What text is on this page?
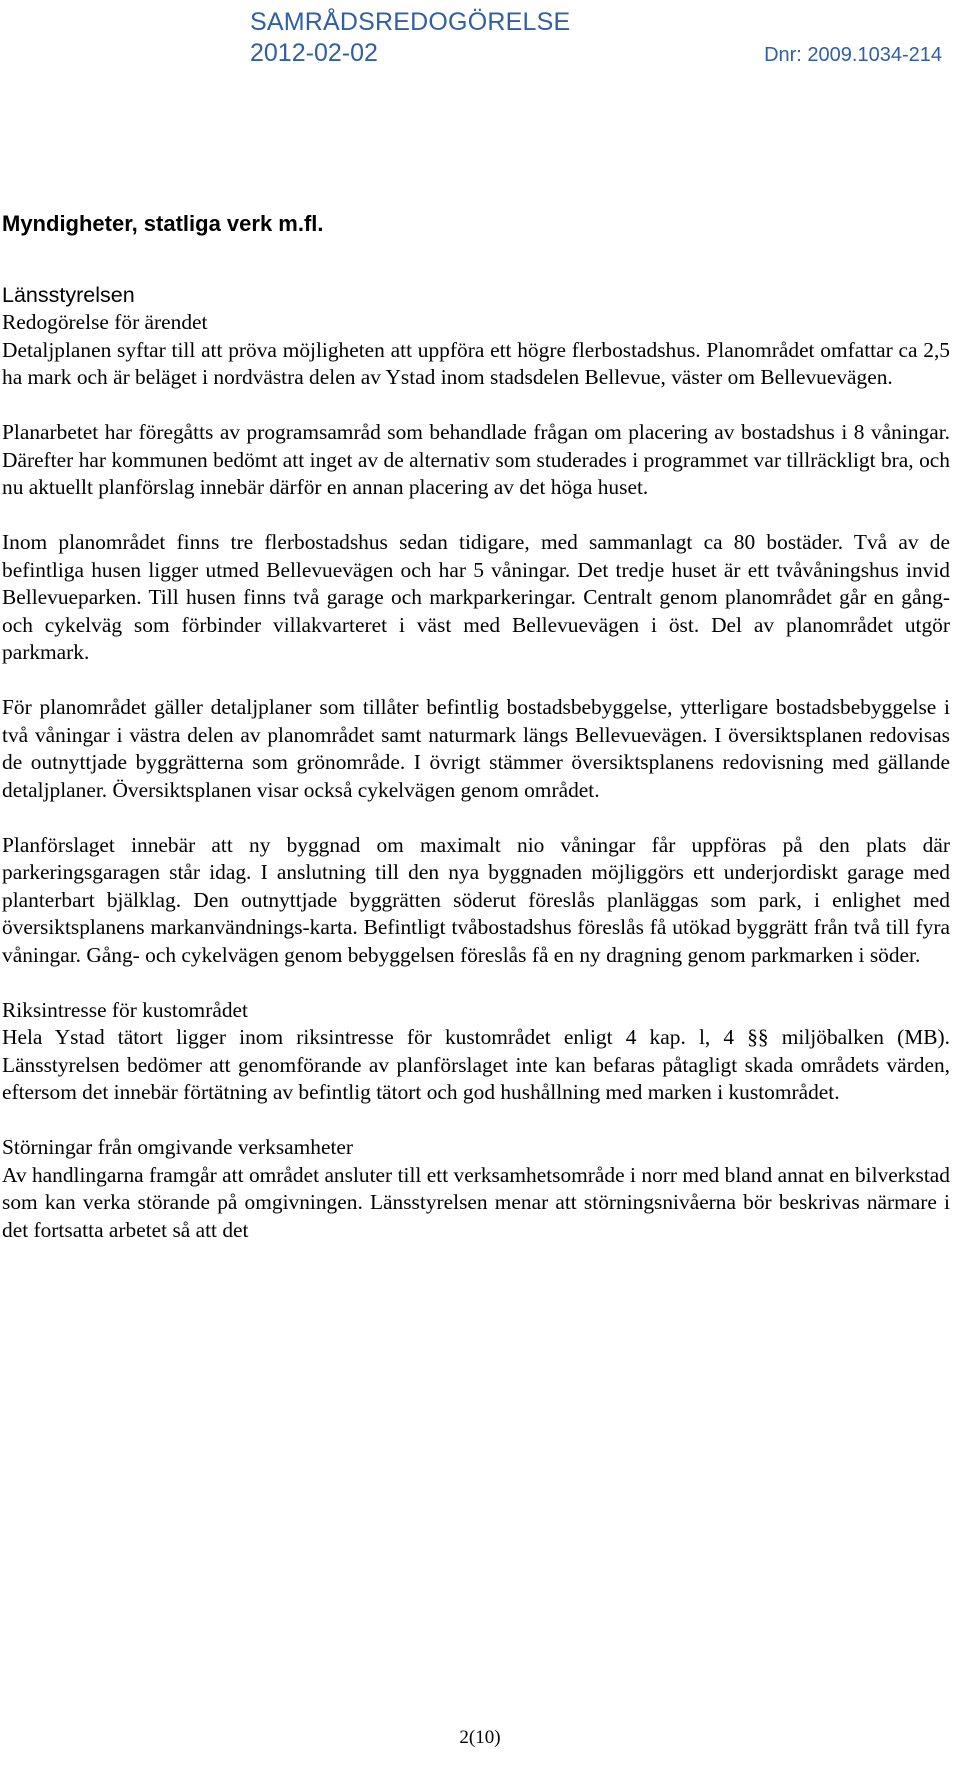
SAMRÅDSREDOGÖRELSE
2012-02-02	Dnr: 2009.1034-214
Myndigheter, statliga verk m.fl.
Länsstyrelsen
Redogörelse för ärendet

Detaljplanen syftar till att pröva möjligheten att uppföra ett högre flerbostadshus. Planområdet omfattar ca 2,5 ha mark och är beläget i nordvästra delen av Ystad inom stadsdelen Bellevue, väster om Bellevuevägen.

Planarbetet har föregåtts av programsamråd som behandlade frågan om placering av bostadshus i 8 våningar. Därefter har kommunen bedömt att inget av de alternativ som studerades i programmet var tillräckligt bra, och nu aktuellt planförslag innebär därför en annan placering av det höga huset.

Inom planområdet finns tre flerbostadshus sedan tidigare, med sammanlagt ca 80 bostäder. Två av de befintliga husen ligger utmed Bellevuevägen och har 5 våningar. Det tredje huset är ett tvåvåningshus invid Bellevueparken. Till husen finns två garage och markparkeringar. Centralt genom planområdet går en gång- och cykelväg som förbinder villakvarteret i väst med Bellevuevägen i öst. Del av planområdet utgör parkmark.

För planområdet gäller detaljplaner som tillåter befintlig bostadsbebyggelse, ytterligare bostadsbebyggelse i två våningar i västra delen av planområdet samt naturmark längs Bellevuevägen. I översiktsplanen redovisas de outnyttjade byggrätterna som grönområde. I övrigt stämmer översiktsplanens redovisning med gällande detaljplaner. Översiktsplanen visar också cykelvägen genom området.

Planförslaget innebär att ny byggnad om maximalt nio våningar får uppföras på den plats där parkeringsgaragen står idag. I anslutning till den nya byggnaden möjliggörs ett underjordiskt garage med planterbart bjälklag. Den outnyttjade byggrätten söderut föreslås planläggas som park, i enlighet med översiktsplanens markanvändnings-karta. Befintligt tvåbostadshus föreslås få utökad byggrätt från två till fyra våningar. Gång- och cykelvägen genom bebyggelsen föreslås få en ny dragning genom parkmarken i söder.

Riksintresse för kustområdet

Hela Ystad tätort ligger inom riksintresse för kustområdet enligt 4 kap. l, 4 §§ miljöbalken (MB). Länsstyrelsen bedömer att genomförande av planförslaget inte kan befaras påtagligt skada områdets värden, eftersom det innebär förtätning av befintlig tätort och god hushållning med marken i kustområdet.

Störningar från omgivande verksamheter

Av handlingarna framgår att området ansluter till ett verksamhetsområde i norr med bland annat en bilverkstad som kan verka störande på omgivningen. Länsstyrelsen menar att störningsnivåerna bör beskrivas närmare i det fortsatta arbetet så att det

2(10)
